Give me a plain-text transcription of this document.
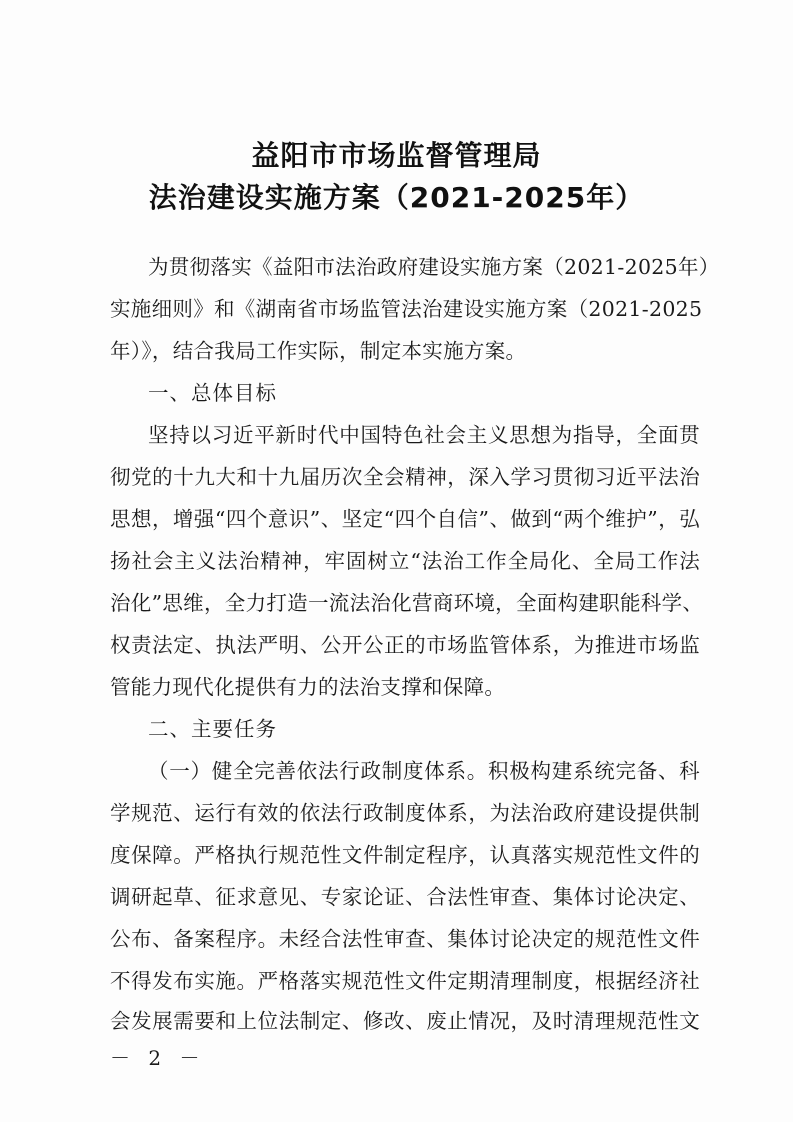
益阳市市场监督管理局
法治建设实施方案（2021-2025年）
为贯彻落实《益阳市法治政府建设实施方案（2021-2025年）
实施细则》和《湖南省市场监管法治建设实施方案（2021-2025
年）》，结合我局工作实际，制定本实施方案。
一、总体目标
坚持以习近平新时代中国特色社会主义思想为指导，全面贯
彻党的十九大和十九届历次全会精神，深入学习贯彻习近平法治
思想，增强“四个意识”、坚定“四个自信”、做到“两个维护”，弘
扬社会主义法治精神，牢固树立“法治工作全局化、全局工作法
治化”思维，全力打造一流法治化营商环境，全面构建职能科学、
权责法定、执法严明、公开公正的市场监管体系，为推进市场监
管能力现代化提供有力的法治支撑和保障。
二、主要任务
（一）健全完善依法行政制度体系。积极构建系统完备、科
学规范、运行有效的依法行政制度体系，为法治政府建设提供制
度保障。严格执行规范性文件制定程序，认真落实规范性文件的
调研起草、征求意见、专家论证、合法性审查、集体讨论决定、
公布、备案程序。未经合法性审查、集体讨论决定的规范性文件
不得发布实施。严格落实规范性文件定期清理制度，根据经济社
会发展需要和上位法制定、修改、废止情况，及时清理规范性文
－ 2 －
